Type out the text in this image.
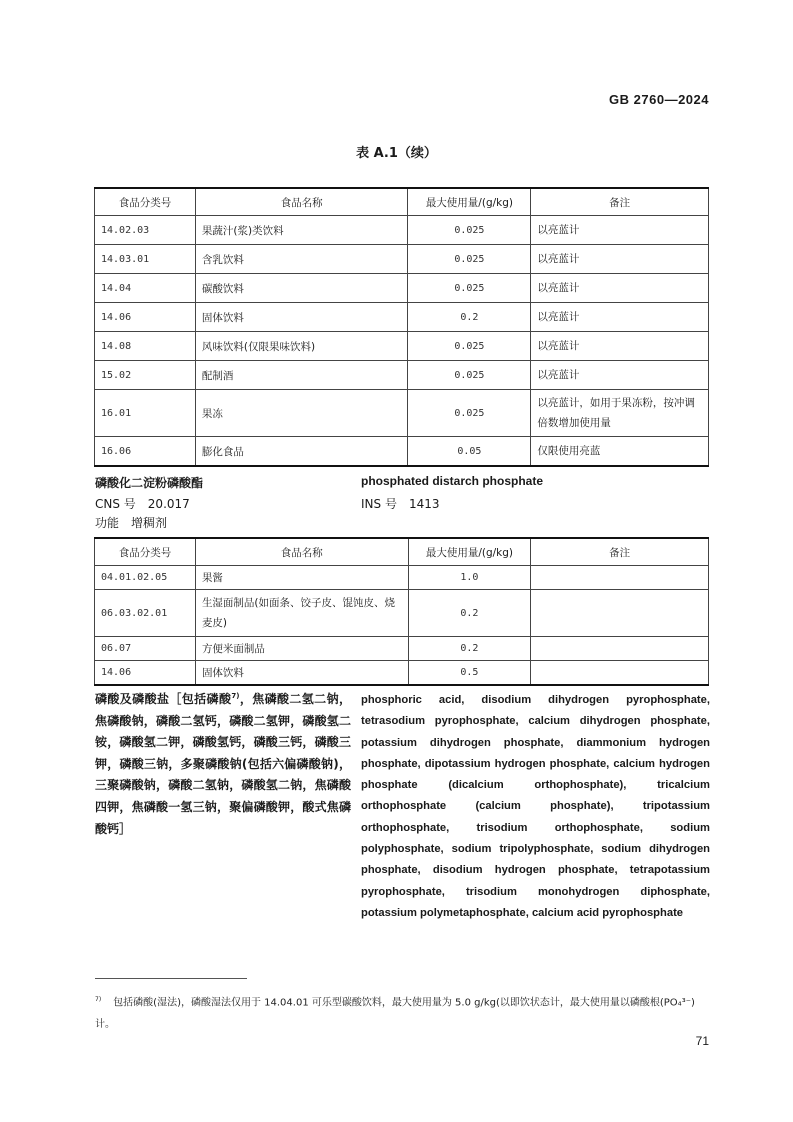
GB 2760—2024
表 A.1（续）
食品分类号	食品名称	最大使用量/(g/kg)	备注
14.02.03	果蔬汁(浆)类饮料	0.025	以亮蓝计
14.03.01	含乳饮料	0.025	以亮蓝计
14.04	碳酸饮料	0.025	以亮蓝计
14.06	固体饮料	0.2	以亮蓝计
14.08	风味饮料(仅限果味饮料)	0.025	以亮蓝计
15.02	配制酒	0.025	以亮蓝计
16.01	果冻	0.025	以亮蓝计，如用于果冻粉，按冲调倍数增加使用量
16.06	膨化食品	0.05	仅限使用亮蓝
磷酸化二淀粉磷酸酯	phosphated distarch phosphate
CNS 号 20.017	INS 号 1413
功能 增稠剂
食品分类号	食品名称	最大使用量/(g/kg)	备注
04.01.02.05	果酱	1.0	
06.03.02.01	生湿面制品(如面条、饺子皮、馄饨皮、烧麦皮)	0.2	
06.07	方便米面制品	0.2	
14.06	固体饮料	0.5	
磷酸及磷酸盐［包括磷酸$^{7)}$，焦磷酸二氢二钠，焦磷酸钠，磷酸二氢钙，磷酸二氢钾，磷酸氢二铵，磷酸氢二钾，磷酸氢钙，磷酸三钙，磷酸三钾，磷酸三钠，多聚磷酸钠(包括六偏磷酸钠)，三聚磷酸钠，磷酸二氢钠，磷酸氢二钠，焦磷酸四钾，焦磷酸一氢三钠，聚偏磷酸钾，酸式焦磷酸钙］
phosphoric acid, disodium dihydrogen pyrophosphate, tetrasodium pyrophosphate, calcium dihydrogen phosphate, potassium dihydrogen phosphate, diammonium hydrogen phosphate, dipotassium hydrogen phosphate, calcium hydrogen phosphate (dicalcium orthophosphate), tricalcium orthophosphate (calcium phosphate), tripotassium orthophosphate, trisodium orthophosphate, sodium polyphosphate, sodium tripolyphosphate, sodium dihydrogen phosphate, disodium hydrogen phosphate, tetrapotassium pyrophosphate, trisodium monohydrogen diphosphate, potassium polymetaphosphate, calcium acid pyrophosphate
$^{7)}$ 包括磷酸(湿法)，磷酸湿法仅用于 14.04.01 可乐型碳酸饮料，最大使用量为 5.0 g/kg(以即饮状态计，最大使用量以磷酸根(PO₄³⁻)计。
71
